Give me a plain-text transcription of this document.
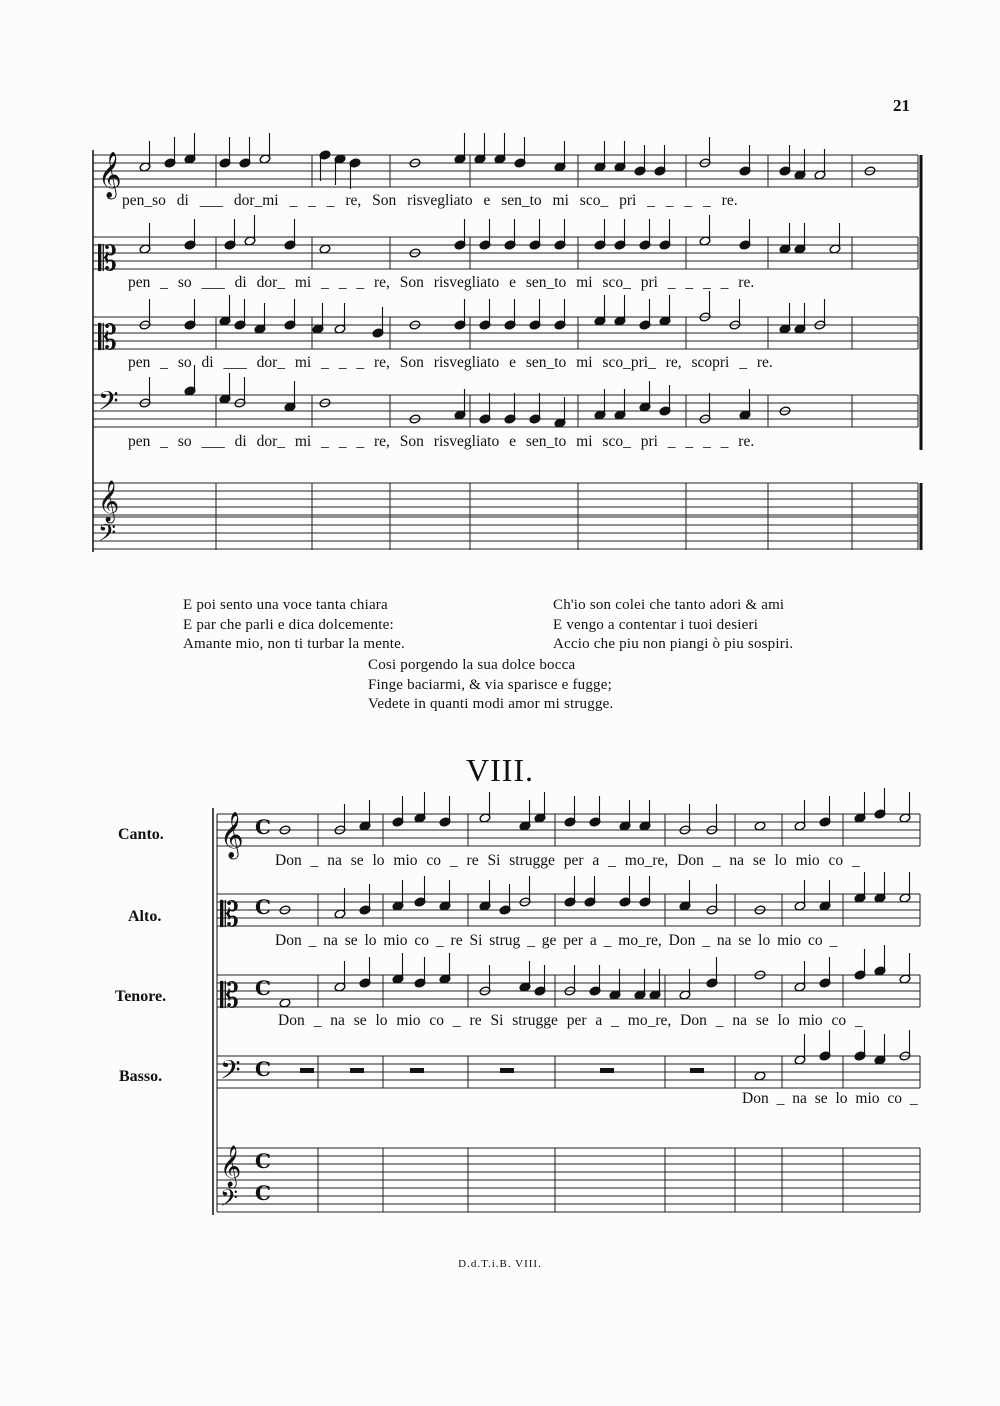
21
𝄞
𝄡
𝄡
𝄢
𝄞
𝄢
pen_so di ___ dor_mi _ _ _ re, Son risvegliato e sen_to mi sco_ pri _ _ _ _ re.
pen _ so ___ di dor_ mi _ _ _ re, Son risvegliato e sen_to mi sco_ pri _ _ _ _ re.
pen _ so di ___ dor_ mi _ _ _ re, Son risvegliato e sen_to mi sco_pri_ re, scopri _ re.
pen _ so ___ di dor_ mi _ _ _ re, Son risvegliato e sen_to mi sco_ pri _ _ _ _ re.
E poi sento una voce tanta chiara
E par che parli e dica dolcemente:
Amante mio, non ti turbar la mente.
Ch'io son colei che tanto adori & ami
E vengo a contentar i tuoi desieri
Accio che piu non piangi ò piu sospiri.
Cosi porgendo la sua dolce bocca
Finge baciarmi, & via sparisce e fugge;
Vedete in quanti modi amor mi strugge.
VIII.
Canto.
Alto.
Tenore.
Basso.
𝄞
𝄡
𝄡
𝄢
𝄞
𝄢
C
C
C
C
C
C
Don _ na se lo mio co _ re Si strugge per a _ mo_re, Don _ na se lo mio co _
Don _ na se lo mio co _ re Si strug _ ge per a _ mo_re, Don _ na se lo mio co _
Don _ na se lo mio co _ re Si strugge per a _ mo_re, Don _ na se lo mio co _
Don _ na se lo mio co _
D.d.T.i.B. VIII.
